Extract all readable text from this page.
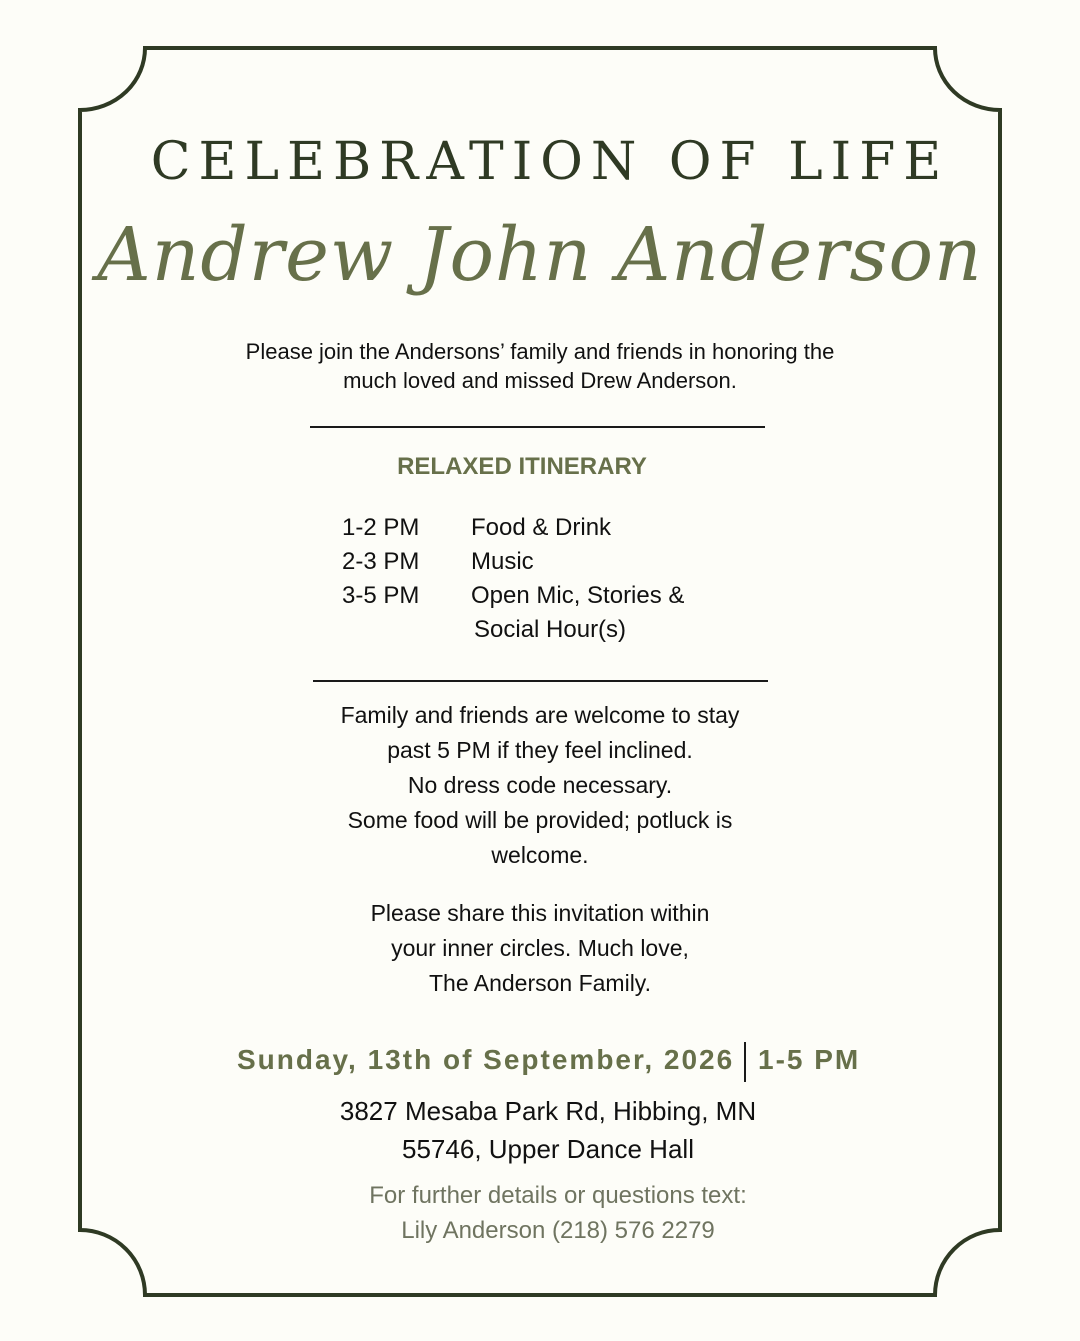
CELEBRATION OF LIFE
Andrew John Anderson
Please join the Andersons’ family and friends in honoring the
much loved and missed Drew Anderson.
RELAXED ITINERARY
1-2 PM Food & Drink
2-3 PM Music
3-5 PM Open Mic, Stories &
Social Hour(s)
Family and friends are welcome to stay
past 5 PM if they feel inclined.
No dress code necessary.
Some food will be provided; potluck is
welcome.
Please share this invitation within
your inner circles. Much love,
The Anderson Family.
Sunday, 13th of September, 2026 1-5 PM
3827 Mesaba Park Rd, Hibbing, MN
55746, Upper Dance Hall
For further details or questions text:
Lily Anderson (218) 576 2279
